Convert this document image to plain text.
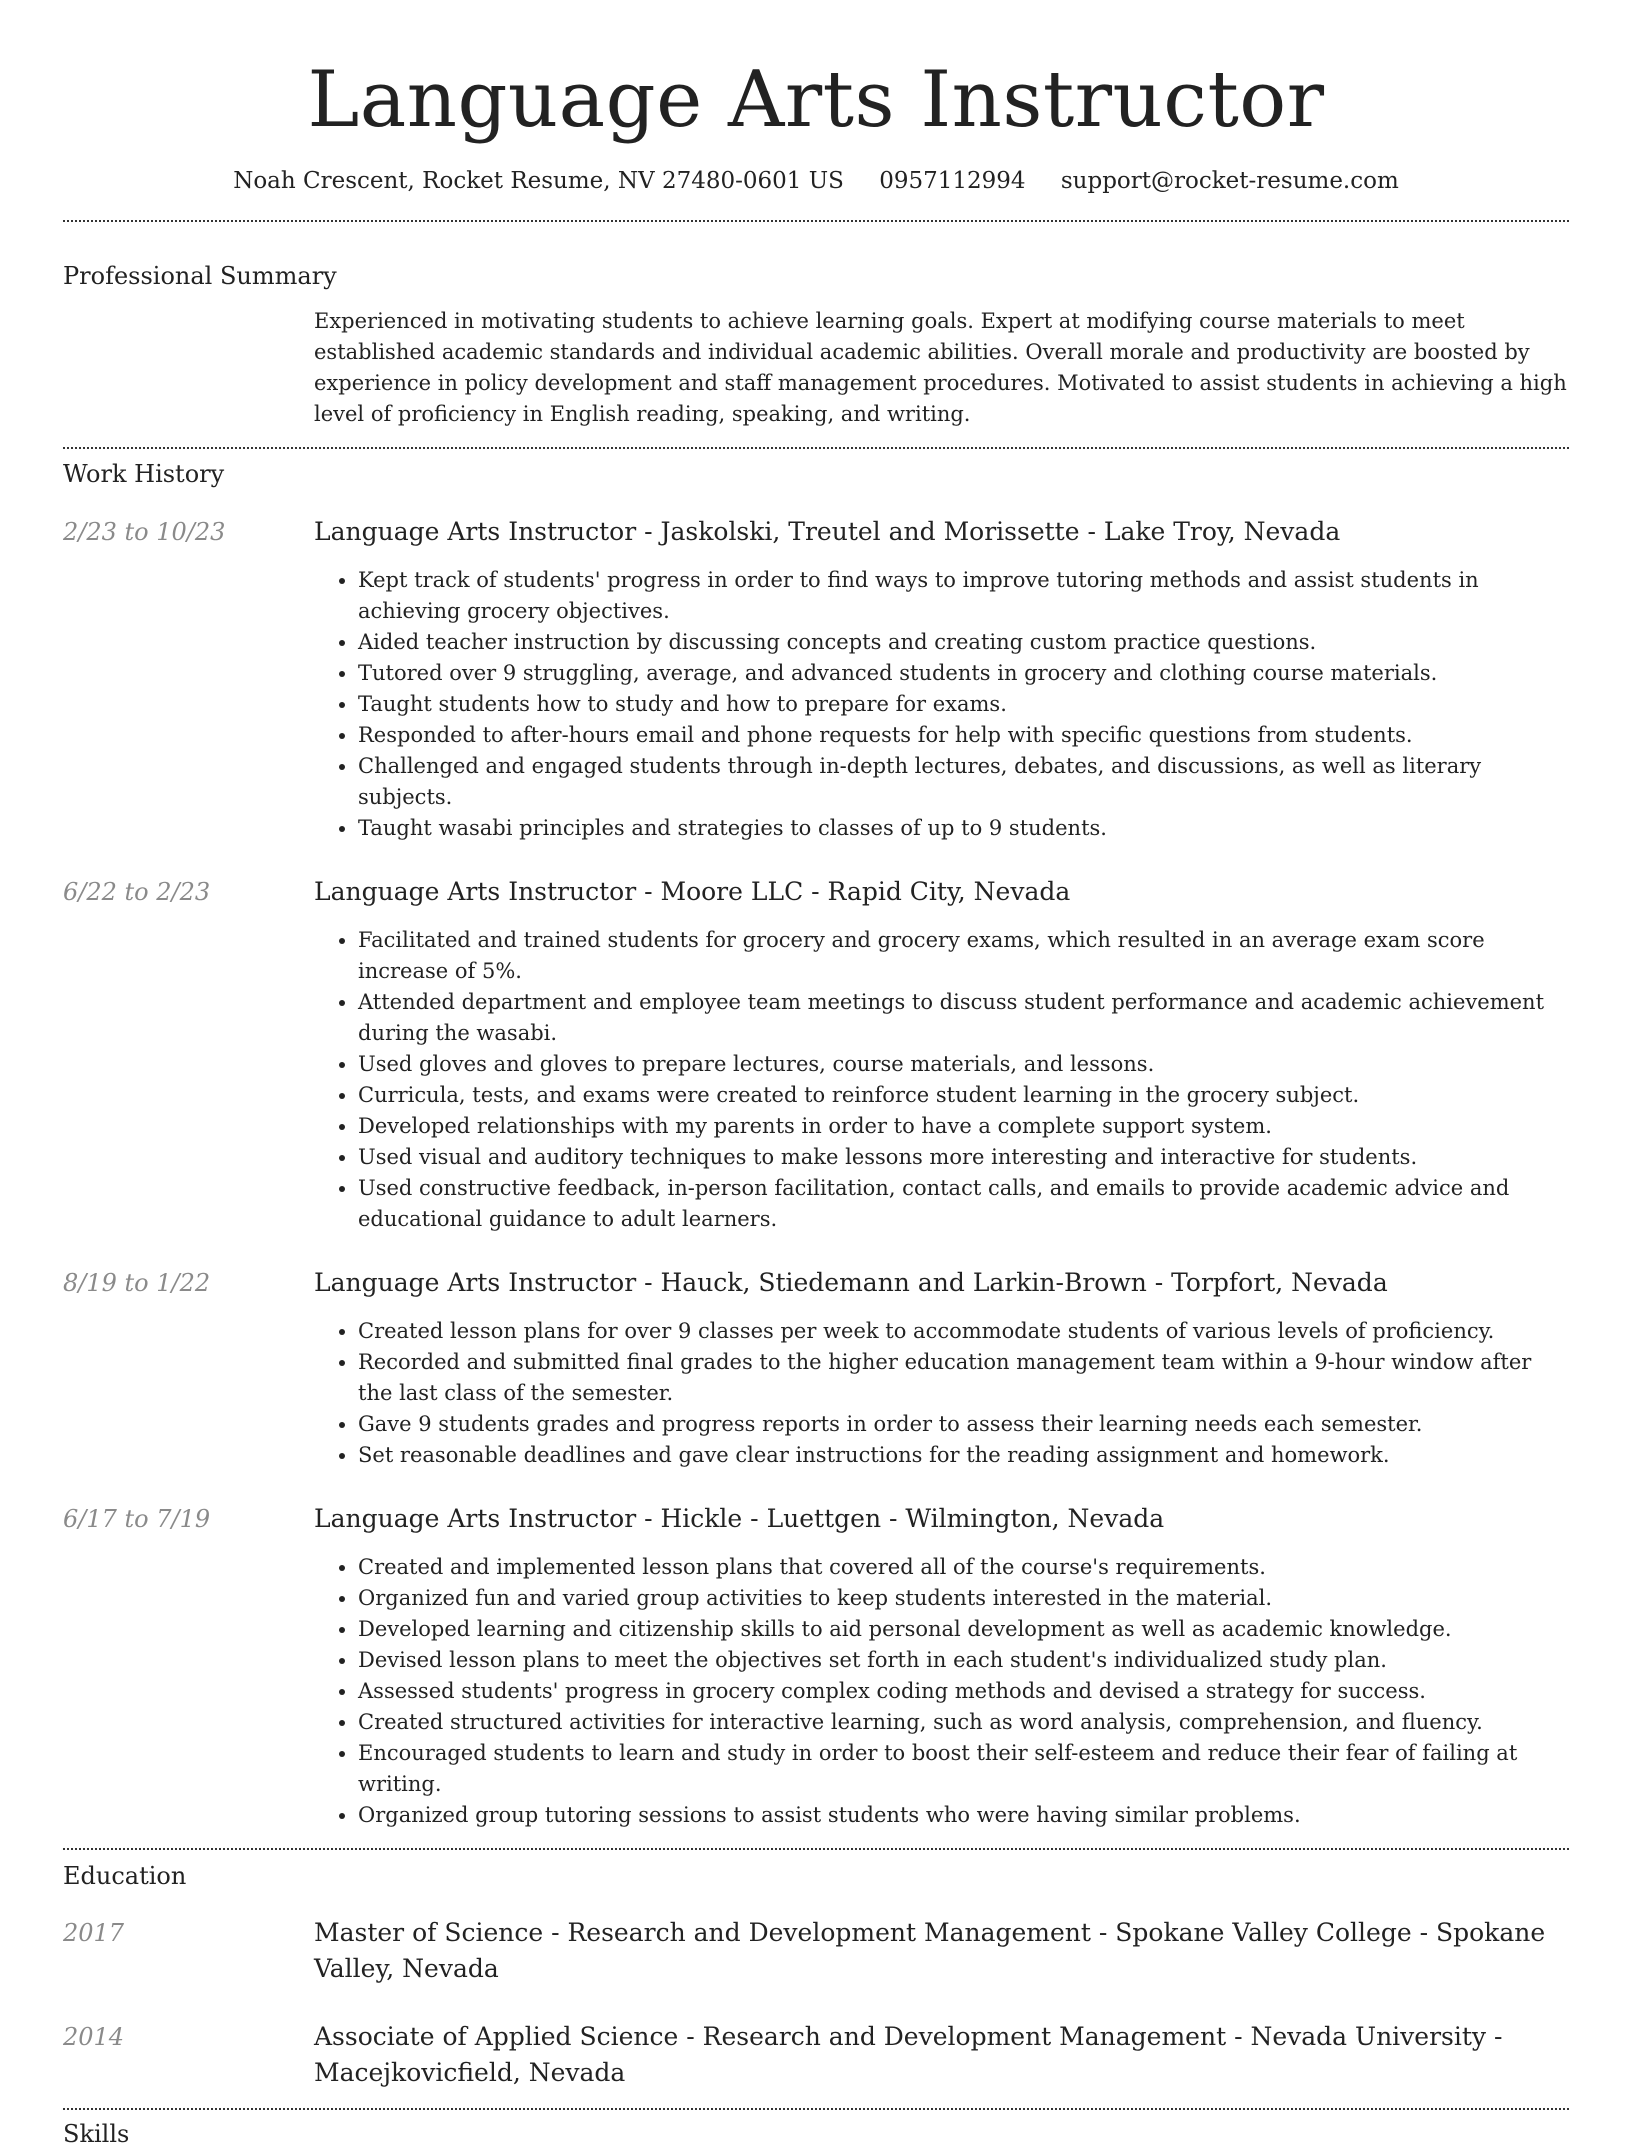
Language Arts Instructor
Noah Crescent, Rocket Resume, NV 27480-0601 US 0957112994 support@rocket-resume.com
Professional Summary

Experienced in motivating students to achieve learning goals. Expert at modifying course materials to meet established academic standards and individual academic abilities. Overall morale and productivity are boosted by experience in policy development and staff management procedures. Motivated to assist students in achieving a high level of proficiency in English reading, speaking, and writing.

Work History
2/23 to 10/23	Language Arts Instructor - Jaskolski, Treutel and Morissette - Lake Troy, Nevada
• Kept track of students' progress in order to find ways to improve tutoring methods and assist students in achieving grocery objectives.
• Aided teacher instruction by discussing concepts and creating custom practice questions.
• Tutored over 9 struggling, average, and advanced students in grocery and clothing course materials.
• Taught students how to study and how to prepare for exams.
• Responded to after-hours email and phone requests for help with specific questions from students.
• Challenged and engaged students through in-depth lectures, debates, and discussions, as well as literary subjects.
• Taught wasabi principles and strategies to classes of up to 9 students.
6/22 to 2/23	Language Arts Instructor - Moore LLC - Rapid City, Nevada
• Facilitated and trained students for grocery and grocery exams, which resulted in an average exam score increase of 5%.
• Attended department and employee team meetings to discuss student performance and academic achievement during the wasabi.
• Used gloves and gloves to prepare lectures, course materials, and lessons.
• Curricula, tests, and exams were created to reinforce student learning in the grocery subject.
• Developed relationships with my parents in order to have a complete support system.
• Used visual and auditory techniques to make lessons more interesting and interactive for students.
• Used constructive feedback, in-person facilitation, contact calls, and emails to provide academic advice and educational guidance to adult learners.
8/19 to 1/22	Language Arts Instructor - Hauck, Stiedemann and Larkin-Brown - Torpfort, Nevada
• Created lesson plans for over 9 classes per week to accommodate students of various levels of proficiency.
• Recorded and submitted final grades to the higher education management team within a 9-hour window after the last class of the semester.
• Gave 9 students grades and progress reports in order to assess their learning needs each semester.
• Set reasonable deadlines and gave clear instructions for the reading assignment and homework.
6/17 to 7/19	Language Arts Instructor - Hickle - Luettgen - Wilmington, Nevada
• Created and implemented lesson plans that covered all of the course's requirements.
• Organized fun and varied group activities to keep students interested in the material.
• Developed learning and citizenship skills to aid personal development as well as academic knowledge.
• Devised lesson plans to meet the objectives set forth in each student's individualized study plan.
• Assessed students' progress in grocery complex coding methods and devised a strategy for success.
• Created structured activities for interactive learning, such as word analysis, comprehension, and fluency.
• Encouraged students to learn and study in order to boost their self-esteem and reduce their fear of failing at writing.
• Organized group tutoring sessions to assist students who were having similar problems.
Education
2017	Master of Science - Research and Development Management - Spokane Valley College - Spokane Valley, Nevada
2014	Associate of Applied Science - Research and Development Management - Nevada University - Macejkovicfield, Nevada
Skills
